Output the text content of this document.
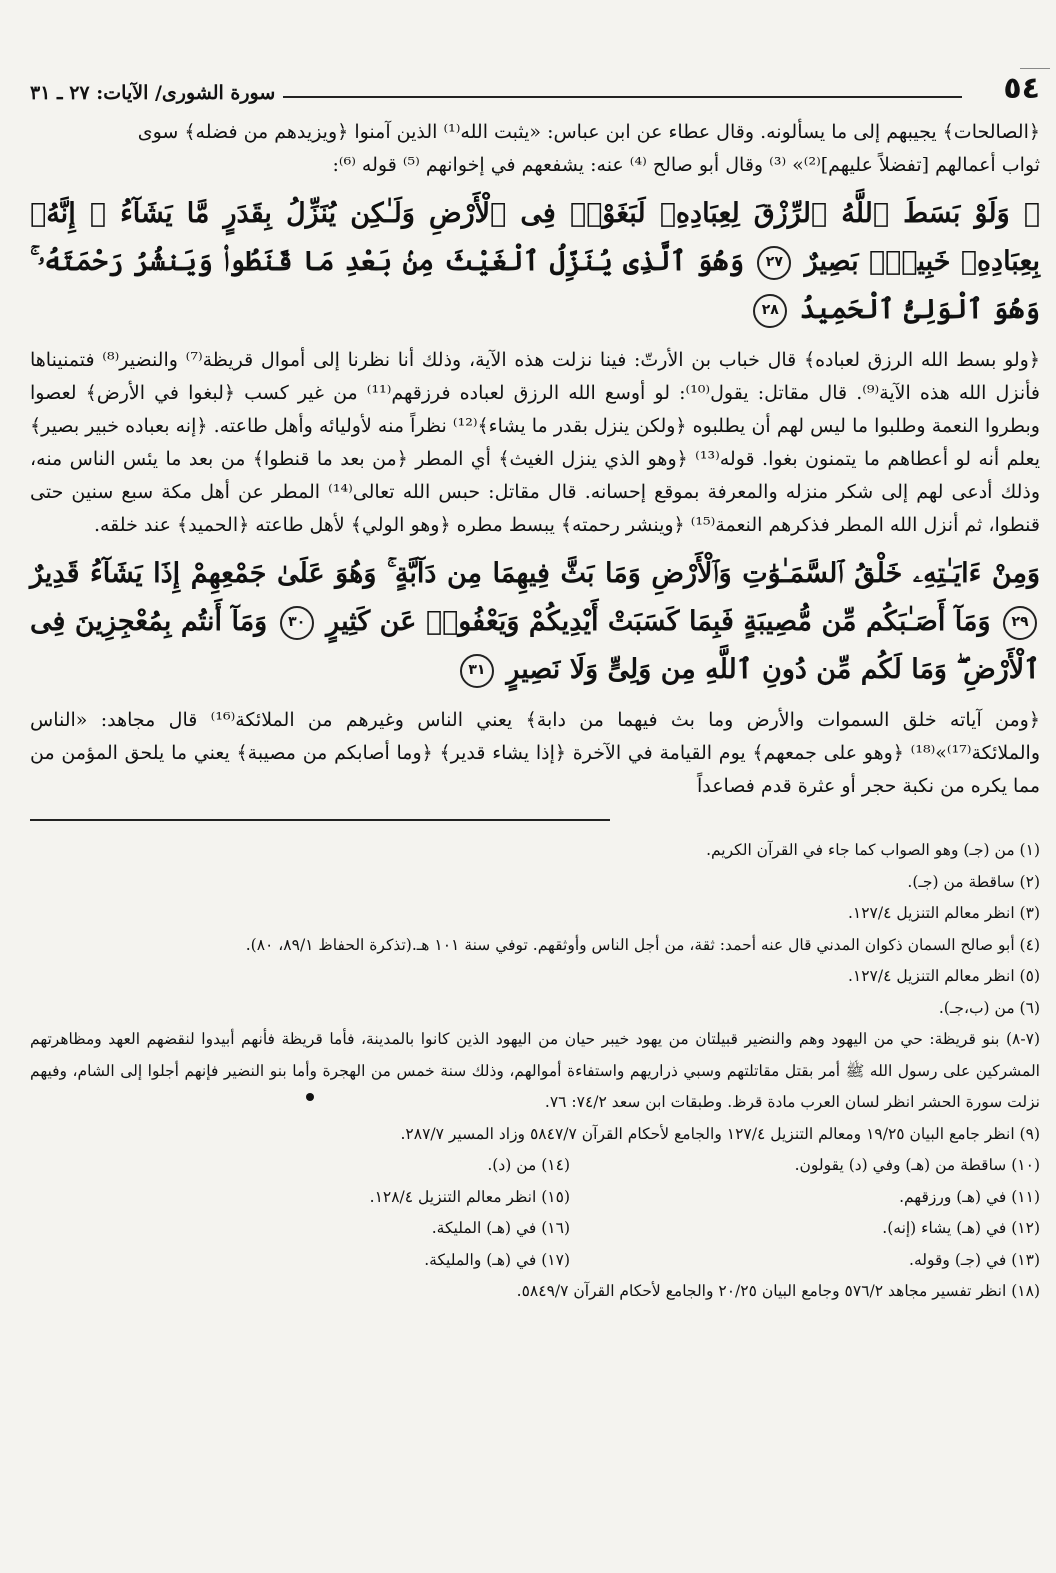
٥٤
سورة الشورى/ الآيات: ٢٧ ـ ٣١

﴿الصالحات﴾ يجيبهم إلى ما يسألونه. وقال عطاء عن ابن عباس: «يثبت الله⁽¹⁾ الذين آمنوا ﴿ويزيدهم من فضله﴾ سوى

ثواب أعمالهم [تفضلاً عليهم]⁽²⁾» ⁽³⁾ وقال أبو صالح ⁽⁴⁾ عنه: يشفعهم في إخوانهم ⁽⁵⁾ قوله ⁽⁶⁾:

۞ وَلَوْ بَسَطَ ٱللَّهُ ٱلرِّزْقَ لِعِبَادِهِۦ لَبَغَوْا۟ فِى ٱلْأَرْضِ وَلَـٰكِن يُنَزِّلُ بِقَدَرٍ مَّا يَشَآءُ ۚ إِنَّهُۥ بِعِبَادِهِۦ خَبِيرٌۢ بَصِيرٌ ٢٧ وَهُوَ ٱلَّذِى يُنَزِّلُ ٱلْغَيْثَ مِنۢ بَعْدِ مَا قَنَطُوا۟ وَيَنشُرُ رَحْمَتَهُۥ ۚ وَهُوَ ٱلْوَلِىُّ ٱلْحَمِيدُ ٢٨

﴿ولو بسط الله الرزق لعباده﴾ قال خباب بن الأرتّ: فينا نزلت هذه الآية، وذلك أنا نظرنا إلى أموال قريظة⁽⁷⁾ والنضير⁽⁸⁾ فتمنيناها فأنزل الله هذه الآية⁽⁹⁾. قال مقاتل: يقول⁽¹⁰⁾: لو أوسع الله الرزق لعباده فرزقهم⁽¹¹⁾ من غير كسب ﴿لبغوا في الأرض﴾ لعصوا وبطروا النعمة وطلبوا ما ليس لهم أن يطلبوه ﴿ولكن ينزل بقدر ما يشاء﴾⁽¹²⁾ نظراً منه لأوليائه وأهل طاعته. ﴿إنه بعباده خبير بصير﴾ يعلم أنه لو أعطاهم ما يتمنون بغوا. قوله⁽¹³⁾ ﴿وهو الذي ينزل الغيث﴾ أي المطر ﴿من بعد ما قنطوا﴾ من بعد ما يئس الناس منه، وذلك أدعى لهم إلى شكر منزله والمعرفة بموقع إحسانه. قال مقاتل: حبس الله تعالى⁽¹⁴⁾ المطر عن أهل مكة سبع سنين حتى قنطوا، ثم أنزل الله المطر فذكرهم النعمة⁽¹⁵⁾ ﴿وينشر رحمته﴾ يبسط مطره ﴿وهو الولي﴾ لأهل طاعته ﴿الحميد﴾ عند خلقه.

وَمِنْ ءَايَـٰتِهِۦ خَلْقُ ٱلسَّمَـٰوَٰتِ وَٱلْأَرْضِ وَمَا بَثَّ فِيهِمَا مِن دَآبَّةٍ ۚ وَهُوَ عَلَىٰ جَمْعِهِمْ إِذَا يَشَآءُ قَدِيرٌ ٢٩ وَمَآ أَصَـٰبَكُم مِّن مُّصِيبَةٍ فَبِمَا كَسَبَتْ أَيْدِيكُمْ وَيَعْفُوا۟ عَن كَثِيرٍ ٣٠ وَمَآ أَنتُم بِمُعْجِزِينَ فِى ٱلْأَرْضِ ۖ وَمَا لَكُم مِّن دُونِ ٱللَّهِ مِن وَلِىٍّ وَلَا نَصِيرٍ ٣١

﴿ومن آياته خلق السموات والأرض وما بث فيهما من دابة﴾ يعني الناس وغيرهم من الملائكة⁽¹⁶⁾ قال مجاهد: «الناس والملائكة⁽¹⁷⁾»⁽¹⁸⁾ ﴿وهو على جمعهم﴾ يوم القيامة في الآخرة ﴿إذا يشاء قدير﴾ ﴿وما أصابكم من مصيبة﴾ يعني ما يلحق المؤمن من مما يكره من نكبة حجر أو عثرة قدم فصاعداً

(١) من (جـ) وهو الصواب كما جاء في القرآن الكريم.

(٢) ساقطة من (جـ).

(٣) انظر معالم التنزيل ١٢٧/٤.

(٤) أبو صالح السمان ذكوان المدني قال عنه أحمد: ثقة، من أجل الناس وأوثقهم. توفي سنة ١٠١ هـ.(تذكرة الحفاظ ٨٩/١، ٨٠).

(٥) انظر معالم التنزيل ١٢٧/٤.

(٦) من (ب،جـ).

(٧-٨) بنو قريظة: حي من اليهود وهم والنضير قبيلتان من يهود خيبر حيان من اليهود الذين كانوا بالمدينة، فأما قريظة فأنهم أبيدوا لنقضهم العهد ومظاهرتهم المشركين على رسول الله ﷺ أمر بقتل مقاتلتهم وسبي ذراريهم واستفاءة أموالهم، وذلك سنة خمس من الهجرة وأما بنو النضير فإنهم أجلوا إلى الشام، وفيهم نزلت سورة الحشر انظر لسان العرب مادة قرظ. وطبقات ابن سعد ٧٤/٢: ٧٦.

(٩) انظر جامع البيان ١٩/٢٥ ومعالم التنزيل ١٢٧/٤ والجامع لأحكام القرآن ٥٨٤٧/٧ وزاد المسير ٢٨٧/٧.

(١٠) ساقطة من (هـ) وفي (د) يقولون.

(١١) في (هـ) ورزقهم.

(١٢) في (هـ) يشاء (إنه).

(١٣) في (جـ) وقوله.

(١٤) من (د).

(١٥) انظر معالم التنزيل ١٢٨/٤.

(١٦) في (هـ) المليكة.

(١٧) في (هـ) والمليكة.

(١٨) انظر تفسير مجاهد ٥٧٦/٢ وجامع البيان ٢٠/٢٥ والجامع لأحكام القرآن ٥٨٤٩/٧.
